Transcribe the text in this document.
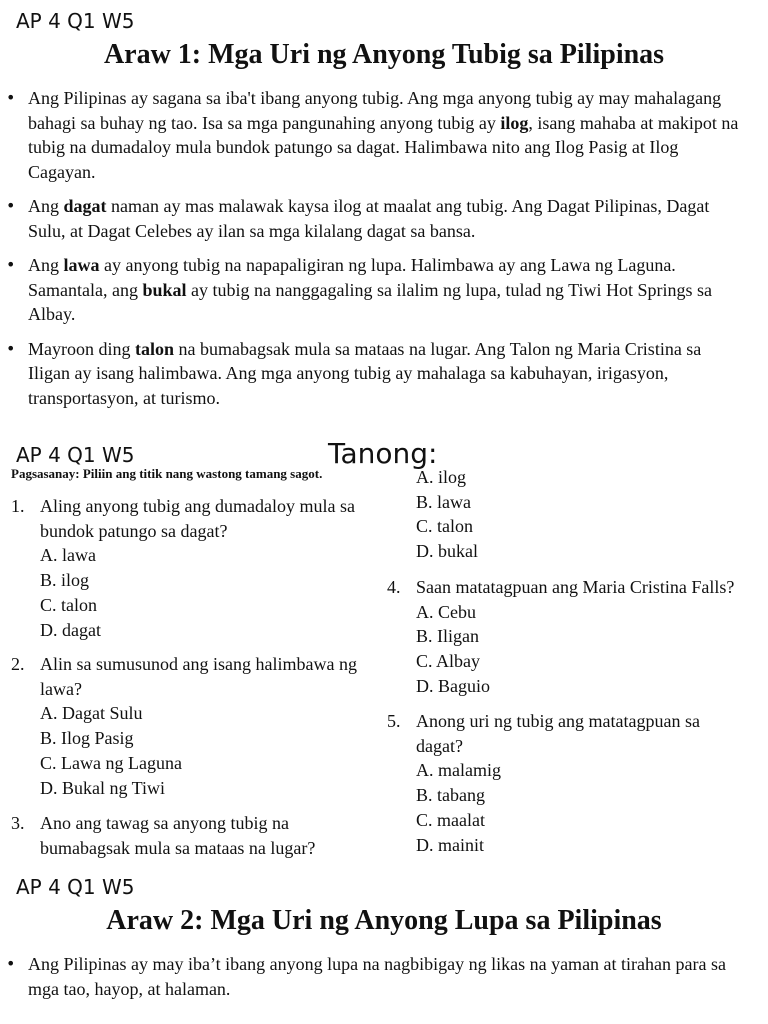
AP 4 Q1 W5
Araw 1: Mga Uri ng Anyong Tubig sa Pilipinas
• Ang Pilipinas ay sagana sa iba't ibang anyong tubig. Ang mga anyong tubig ay may mahalagang bahagi sa buhay ng tao. Isa sa mga pangunahing anyong tubig ay ilog, isang mahaba at makipot na tubig na dumadaloy mula bundok patungo sa dagat. Halimbawa nito ang Ilog Pasig at Ilog Cagayan.
• Ang dagat naman ay mas malawak kaysa ilog at maalat ang tubig. Ang Dagat Pilipinas, Dagat Sulu, at Dagat Celebes ay ilan sa mga kilalang dagat sa bansa.
• Ang lawa ay anyong tubig na napapaligiran ng lupa. Halimbawa ay ang Lawa ng Laguna. Samantala, ang bukal ay tubig na nanggagaling sa ilalim ng lupa, tulad ng Tiwi Hot Springs sa Albay.
• Mayroon ding talon na bumabagsak mula sa mataas na lugar. Ang Talon ng Maria Cristina sa Iligan ay isang halimbawa. Ang mga anyong tubig ay mahalaga sa kabuhayan, irigasyon, transportasyon, at turismo.
AP 4 Q1 W5	Tanong:
Pagsasanay: Piliin ang titik nang wastong tamang sagot.
1. Aling anyong tubig ang dumadaloy mula sa
bundok patungo sa dagat?
A. lawa
B. ilog
C. talon
D. dagat
2. Alin sa sumusunod ang isang halimbawa ng
lawa?
A. Dagat Sulu
B. Ilog Pasig
C. Lawa ng Laguna
D. Bukal ng Tiwi
3. Ano ang tawag sa anyong tubig na
bumabagsak mula sa mataas na lugar?
A. ilog
B. lawa
C. talon
D. bukal
4. Saan matatagpuan ang Maria Cristina Falls?
A. Cebu
B. Iligan
C. Albay
D. Baguio
5. Anong uri ng tubig ang matatagpuan sa
dagat?
A. malamig
B. tabang
C. maalat
D. mainit
AP 4 Q1 W5
Araw 2: Mga Uri ng Anyong Lupa sa Pilipinas
• Ang Pilipinas ay may iba’t ibang anyong lupa na nagbibigay ng likas na yaman at tirahan para sa mga tao, hayop, at halaman.
